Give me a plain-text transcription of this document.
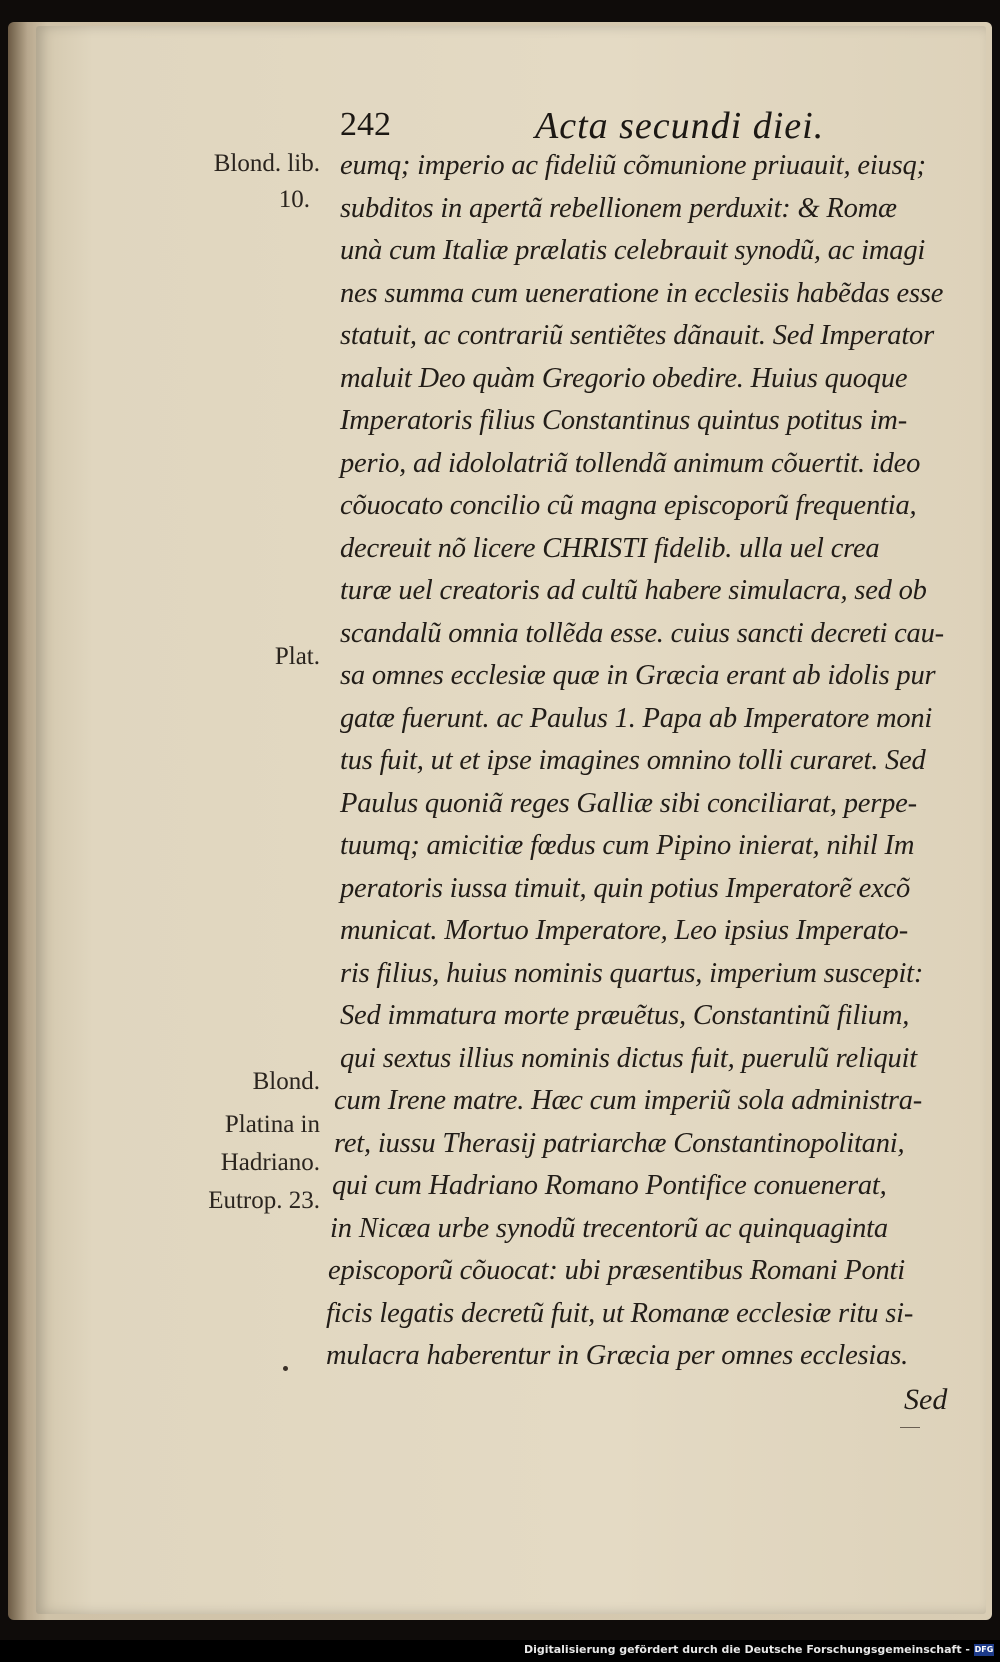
242	Acta secundi diei.
eumq; imperio ac fideliũ cõmunione priuauit, eiusq;
subditos in apertã rebellionem perduxit: & Romæ
unà cum Italiæ prælatis celebrauit synodũ, ac imagi
nes summa cum ueneratione in ecclesiis habẽdas esse
statuit, ac contrariũ sentiẽtes dãnauit. Sed Imperator
maluit Deo quàm Gregorio obedire. Huius quoque
Imperatoris filius Constantinus quintus potitus im-
perio, ad idololatriã tollendã animum cõuertit. ideo
cõuocato concilio cũ magna episcoporũ frequentia,
decreuit nõ licere CHRISTI fidelib. ulla uel crea
turæ uel creatoris ad cultũ habere simulacra, sed ob
scandalũ omnia tollẽda esse. cuius sancti decreti cau-
sa omnes ecclesiæ quæ in Græcia erant ab idolis pur
gatæ fuerunt. ac Paulus 1. Papa ab Imperatore moni
tus fuit, ut et ipse imagines omnino tolli curaret. Sed
Paulus quoniã reges Galliæ sibi conciliarat, perpe-
tuumq; amicitiæ fœdus cum Pipino inierat, nihil Im
peratoris iussa timuit, quin potius Imperatorẽ excõ
municat. Mortuo Imperatore, Leo ipsius Imperato-
ris filius, huius nominis quartus, imperium suscepit:
Sed immatura morte præuẽtus, Constantinũ filium,
qui sextus illius nominis dictus fuit, puerulũ reliquit
cum Irene matre. Hæc cum imperiũ sola administra-
ret, iussu Therasij patriarchæ Constantinopolitani,
qui cum Hadriano Romano Pontifice conuenerat,
in Nicæa urbe synodũ trecentorũ ac quinquaginta
episcoporũ cõuocat: ubi præsentibus Romani Ponti
ficis legatis decretũ fuit, ut Romanæ ecclesiæ ritu si-
mulacra haberentur in Græcia per omnes ecclesias.
Blond. lib.
10.
Plat.
Blond.
Platina in
Hadriano.
Eutrop. 23.
Sed
Digitalisierung gefördert durch die Deutsche Forschungsgemeinschaft - DFG
